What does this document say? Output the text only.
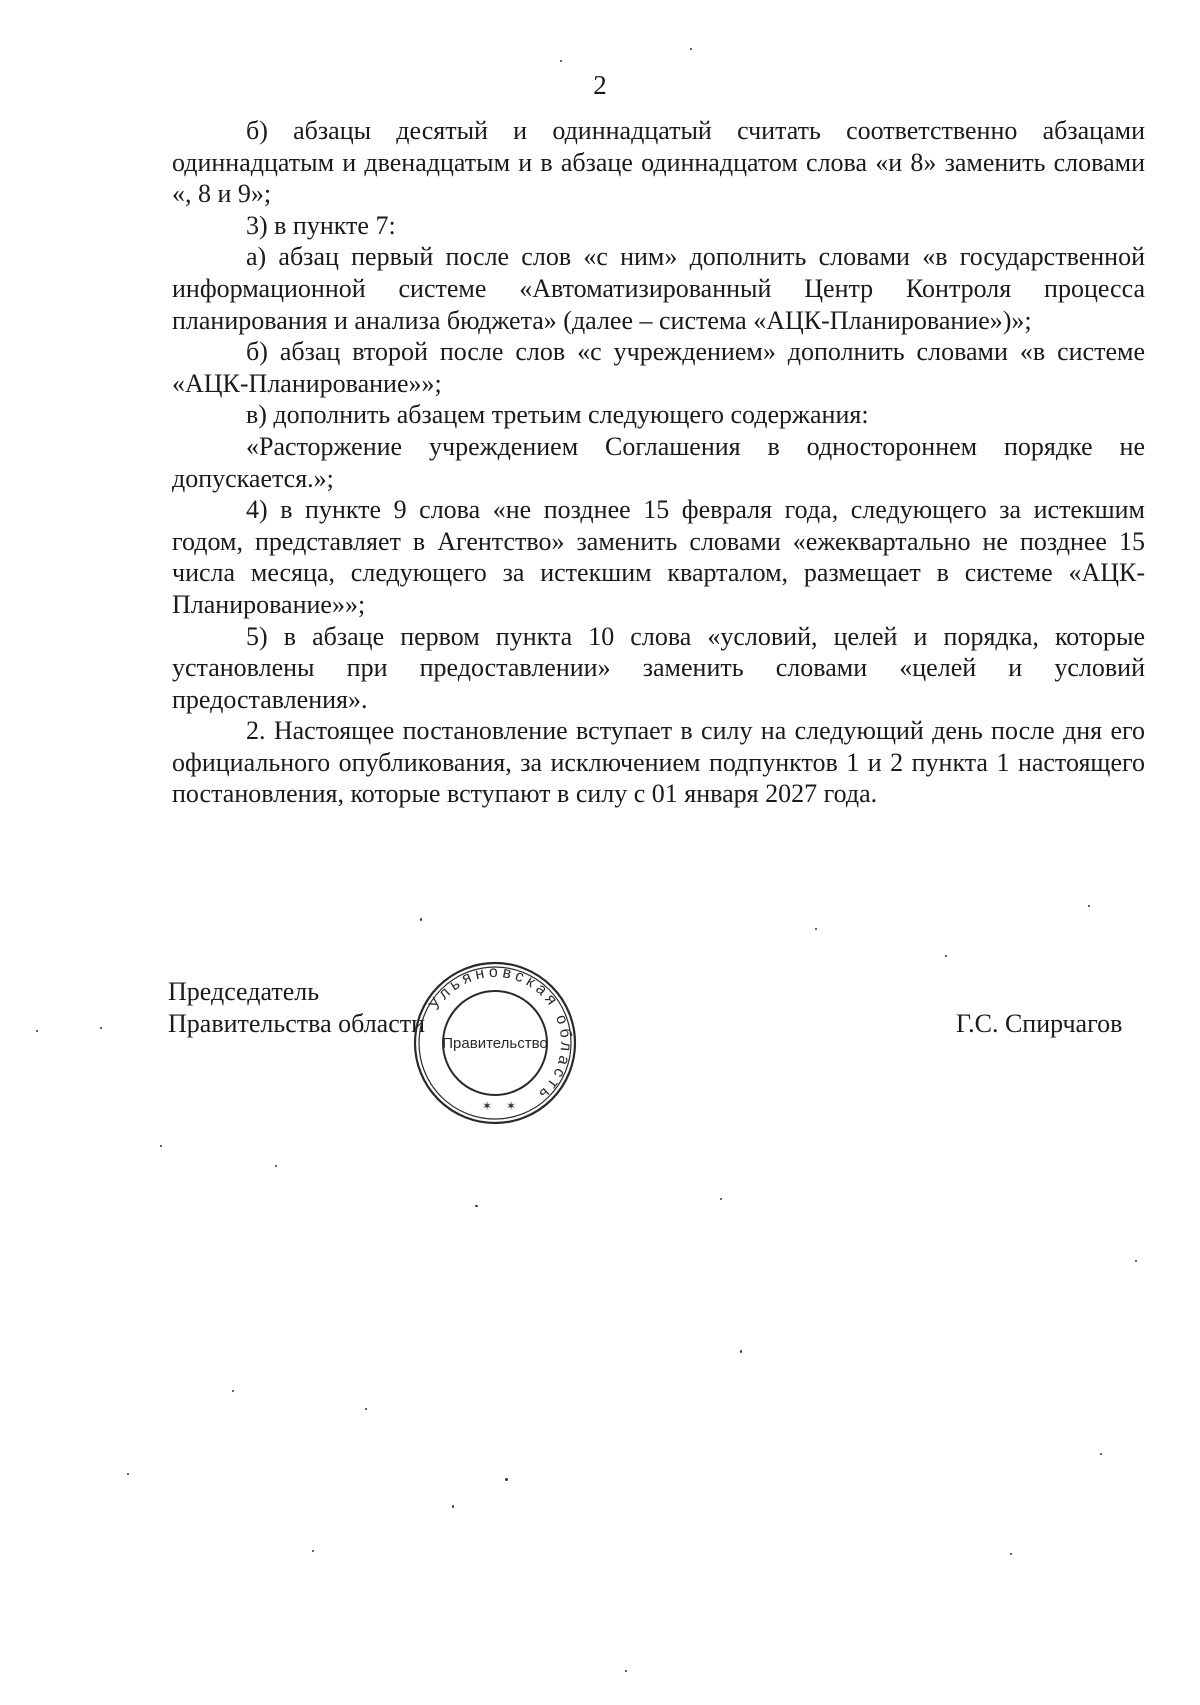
2

б) абзацы десятый и одиннадцатый считать соответственно абзацами одиннадцатым и двенадцатым и в абзаце одиннадцатом слова «и 8» заменить словами «, 8 и 9»;

3) в пункте 7:

а) абзац первый после слов «с ним» дополнить словами «в государственной информационной системе «Автоматизированный Центр Контроля процесса планирования и анализа бюджета» (далее – система «АЦК-Планирование»)»;

б) абзац второй после слов «с учреждением» дополнить словами «в системе «АЦК-Планирование»»;

в) дополнить абзацем третьим следующего содержания:

«Расторжение учреждением Соглашения в одностороннем порядке не допускается.»;

4) в пункте 9 слова «не позднее 15 февраля года, следующего за истекшим годом, представляет в Агентство» заменить словами «ежеквартально не позднее 15 числа месяца, следующего за истекшим кварталом, размещает в системе «АЦК-Планирование»»;

5) в абзаце первом пункта 10 слова «условий, целей и порядка, которые установлены при предоставлении» заменить словами «целей и условий предоставления».

2. Настоящее постановление вступает в силу на следующий день после дня его официального опубликования, за исключением подпунктов 1 и 2 пункта 1 настоящего постановления, которые вступают в силу с 01 января 2027 года.

Председатель
Правительства области	Г.С. Спирчагов
Ульяновская область
Правительство
✶ ✶
